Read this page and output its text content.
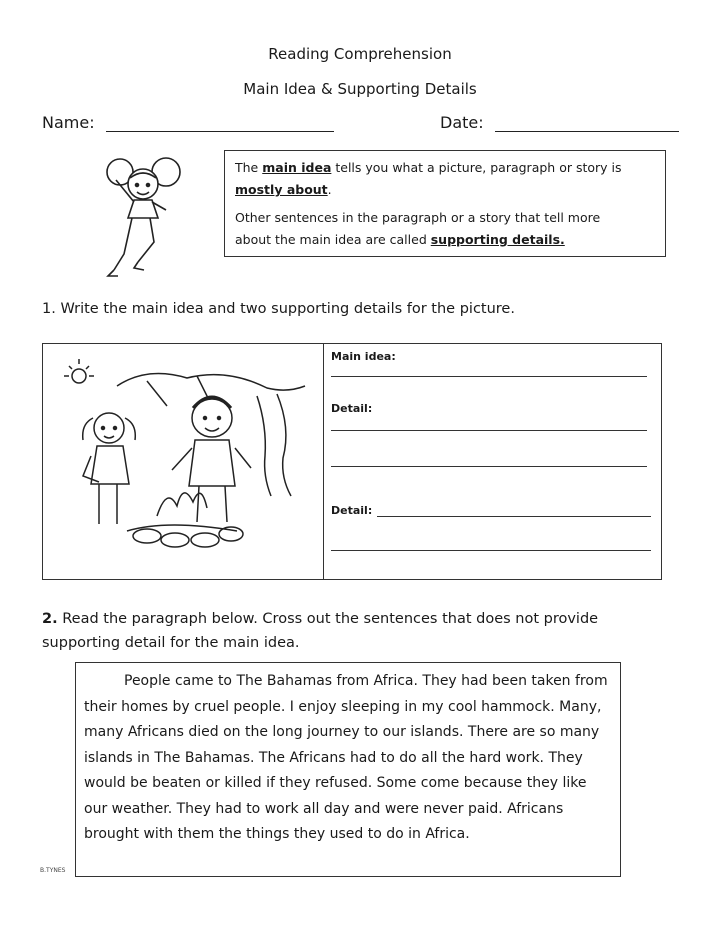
Reading Comprehension
Main Idea & Supporting Details
Name:	Date:
The main idea tells you what a picture, paragraph or story is
mostly about.
Other sentences in the paragraph or a story that tell more
about the main idea are called supporting details.
1. Write the main idea and two supporting details for the picture.
Main idea:
Detail:
Detail:
2. Read the paragraph below. Cross out the sentences that does not provide supporting detail for the main idea.

People came to The Bahamas from Africa. They had been taken from their homes by cruel people. I enjoy sleeping in my cool hammock. Many, many Africans died on the long journey to our islands. There are so many islands in The Bahamas. The Africans had to do all the hard work. They would be beaten or killed if they refused. Some come because they like our weather. They had to work all day and were never paid. Africans brought with them the things they used to do in Africa.

B.TYNES
